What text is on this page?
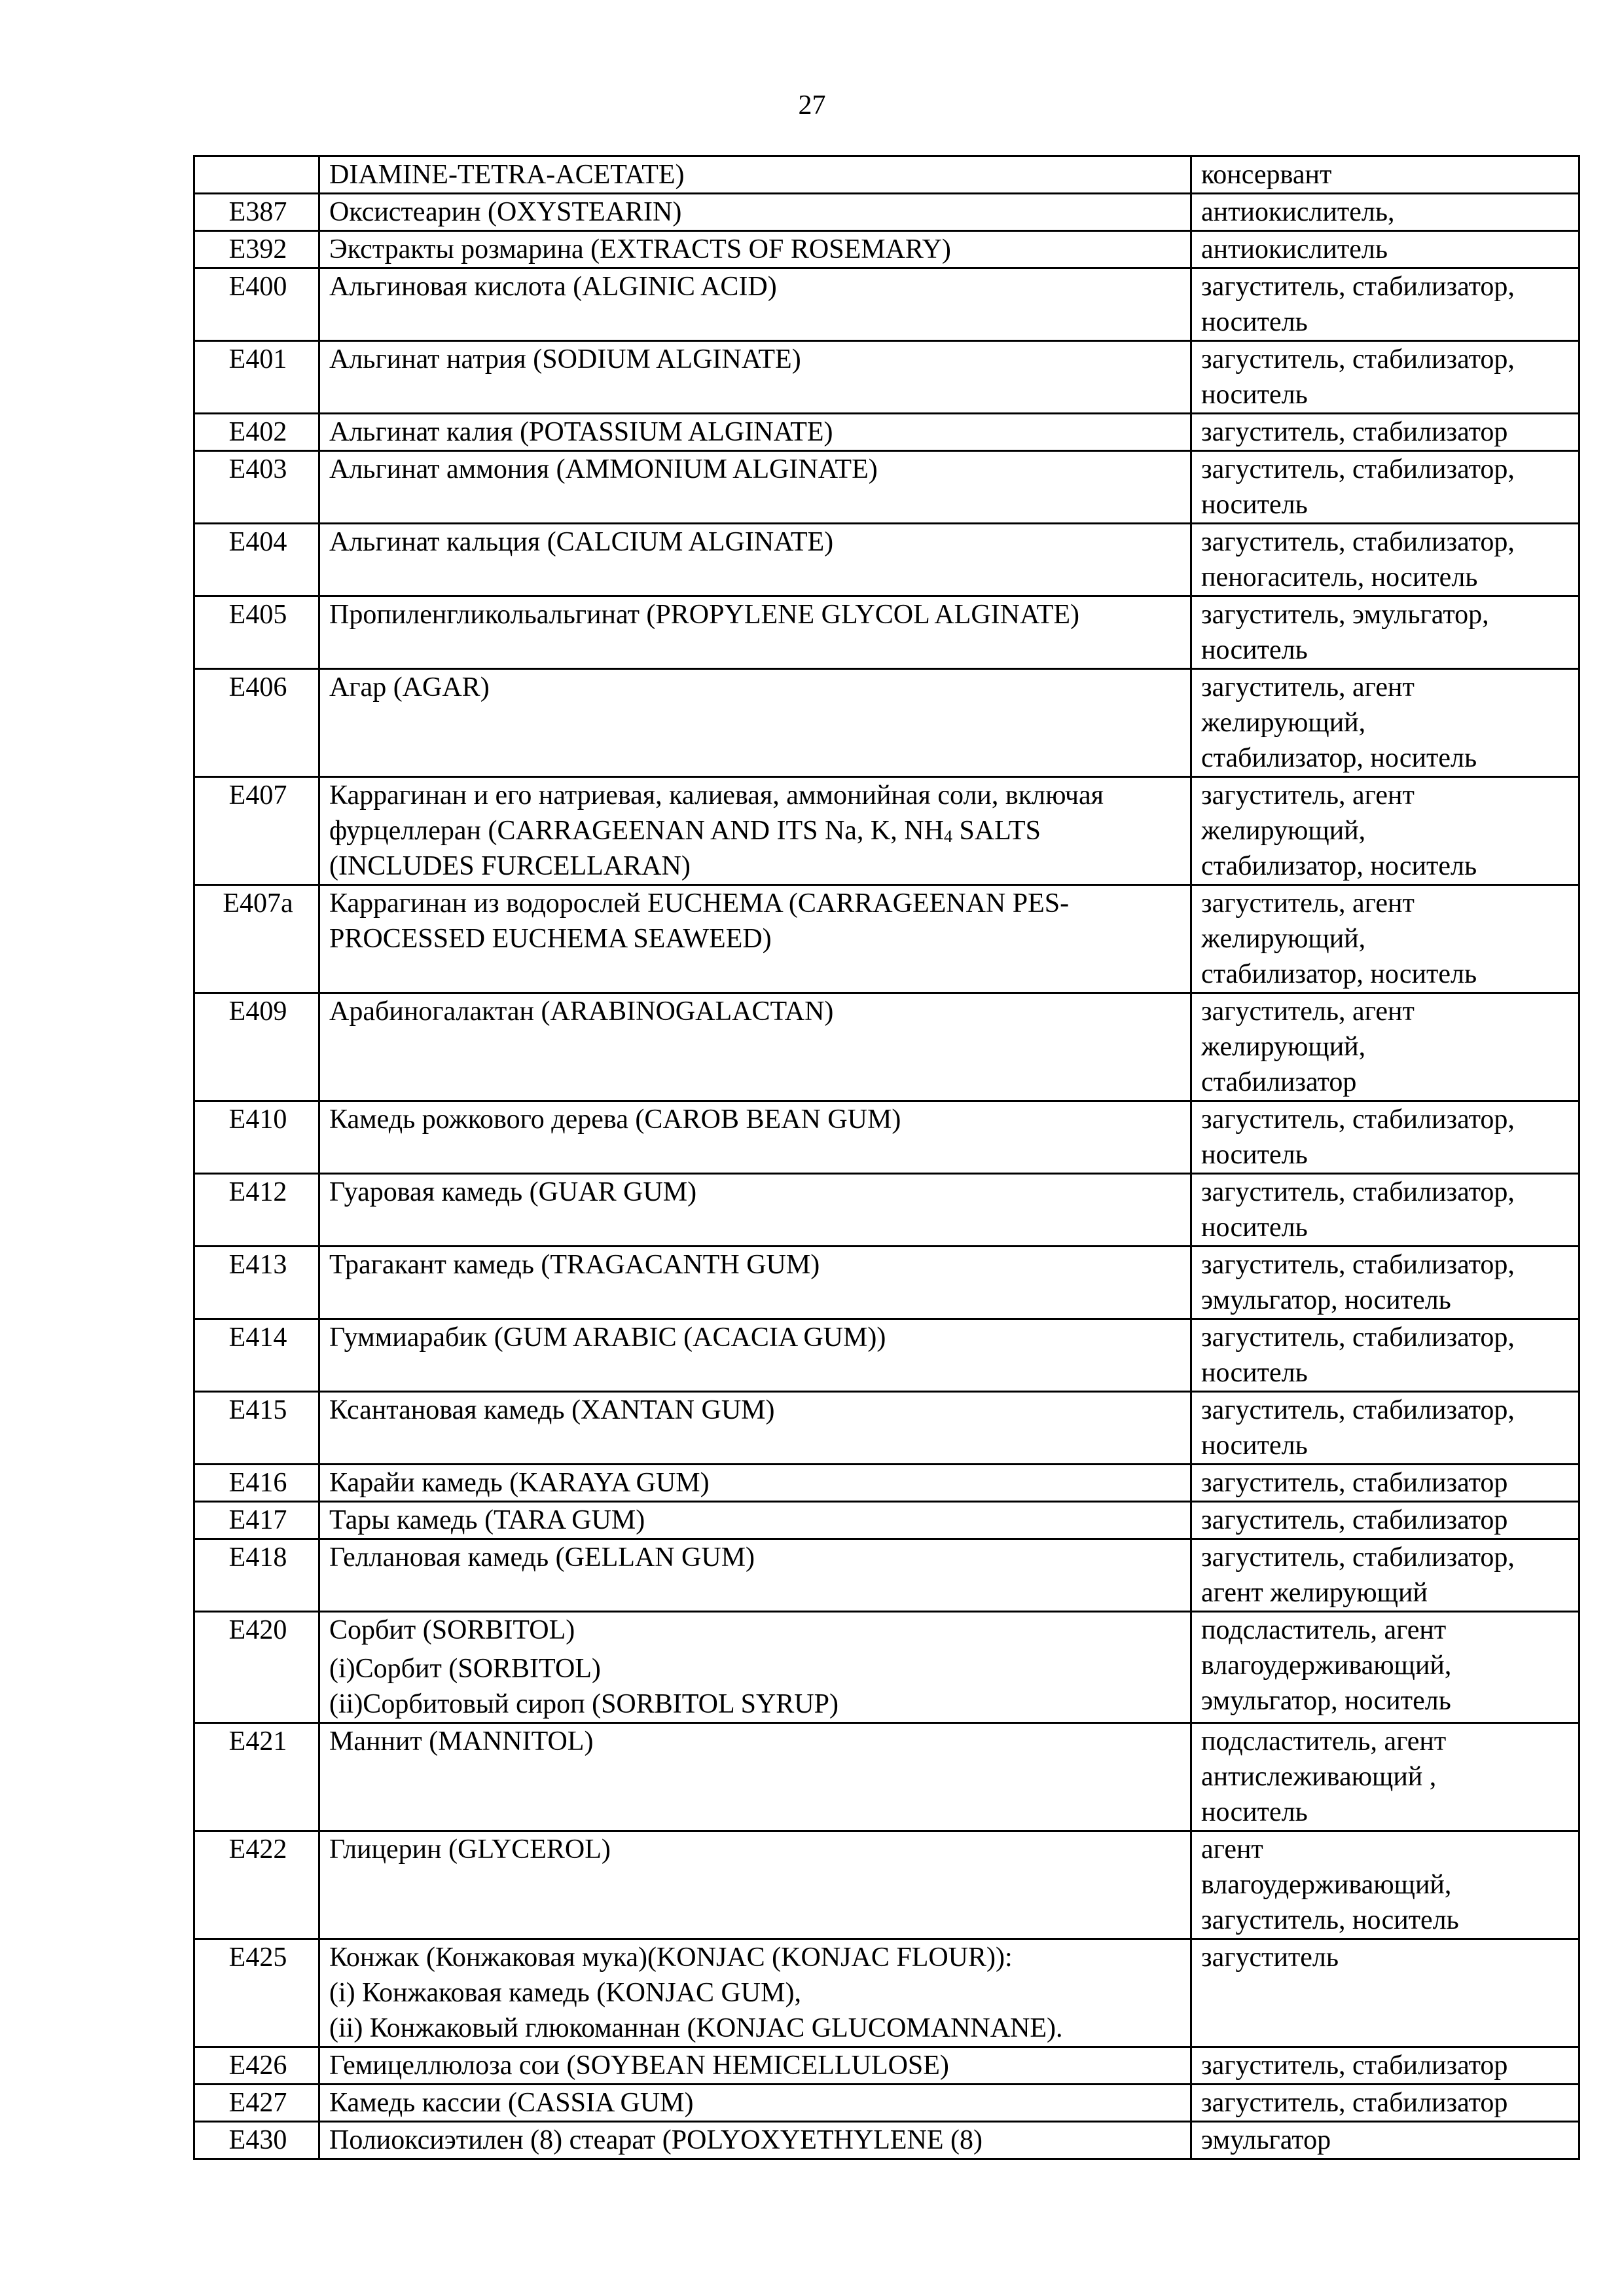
27

	DIAMINE-TETRA-ACETATE)	консервант

E387	Оксистеарин (OXYSTEARIN)	антиокислитель,

E392	Экстракты розмарина (EXTRACTS OF ROSEMARY)	антиокислитель

E400	Альгиновая кислота (ALGINIC ACID)	загуститель, стабилизатор,
носитель

E401	Альгинат натрия (SODIUM ALGINATE)	загуститель, стабилизатор,
носитель

E402	Альгинат калия (POTASSIUM ALGINATE)	загуститель, стабилизатор

E403	Альгинат аммония (AMMONIUM ALGINATE)	загуститель, стабилизатор,
носитель

E404	Альгинат кальция (CALCIUM ALGINATE)	загуститель, стабилизатор,
пеногаситель, носитель

E405	Пропиленгликольальгинат (PROPYLENE GLYCOL ALGINATE)	загуститель, эмульгатор,
носитель

E406	Агар (AGAR)	загуститель, агент
желирующий,
стабилизатор, носитель

E407	Каррагинан и его натриевая, калиевая, аммонийная соли, включая
фурцеллеран (CARRAGEENAN AND ITS Na, K, $NH_4$ SALTS
(INCLUDES FURCELLARAN)	загуститель, агент
желирующий,
стабилизатор, носитель

E407a	Каррагинан из водорослей EUCHEMA (CARRAGEENAN PES-
PROCESSED EUCHEMA SEAWEED)	загуститель, агент
желирующий,
стабилизатор, носитель

E409	Арабиногалактан (ARABINOGALACTAN)	загуститель, агент
желирующий,
стабилизатор

E410	Камедь рожкового дерева (CAROB BEAN GUM)	загуститель, стабилизатор,
носитель

E412	Гуаровая камедь (GUAR GUM)	загуститель, стабилизатор,
носитель

E413	Трагакант камедь (TRAGACANTH GUM)	загуститель, стабилизатор,
эмульгатор, носитель

E414	Гуммиарабик (GUM ARABIC (ACACIA GUM))	загуститель, стабилизатор,
носитель

E415	Ксантановая камедь (XANTAN GUM)	загуститель, стабилизатор,
носитель

E416	Карайи камедь (KARAYA GUM)	загуститель, стабилизатор

E417	Тары камедь (TARA GUM)	загуститель, стабилизатор

E418	Геллановая камедь (GELLAN GUM)	загуститель, стабилизатор,
агент желирующий

E420	Сорбит (SORBITOL)
(i)Сорбит (SORBITOL)
(ii)Сорбитовый сироп (SORBITOL SYRUP)	подсластитель, агент
влагоудерживающий,
эмульгатор, носитель

E421	Маннит (MANNITOL)	подсластитель, агент
антислеживающий ,
носитель

E422	Глицерин (GLYCEROL)	агент
влагоудерживающий,
загуститель, носитель

E425	Конжак (Конжаковая мука)(KONJAC (KONJAC FLOUR)):
(i) Конжаковая камедь (KONJAC GUM),
(ii) Конжаковый глюкоманнан (KONJAC GLUCOMANNANE).	загуститель

E426	Гемицеллюлоза сои (SOYBEAN HEMICELLULOSE)	загуститель, стабилизатор

E427	Камедь кассии (CASSIA GUM)	загуститель, стабилизатор

E430	Полиоксиэтилен (8) стеарат (POLYOXYETHYLENE (8)	эмульгатор
